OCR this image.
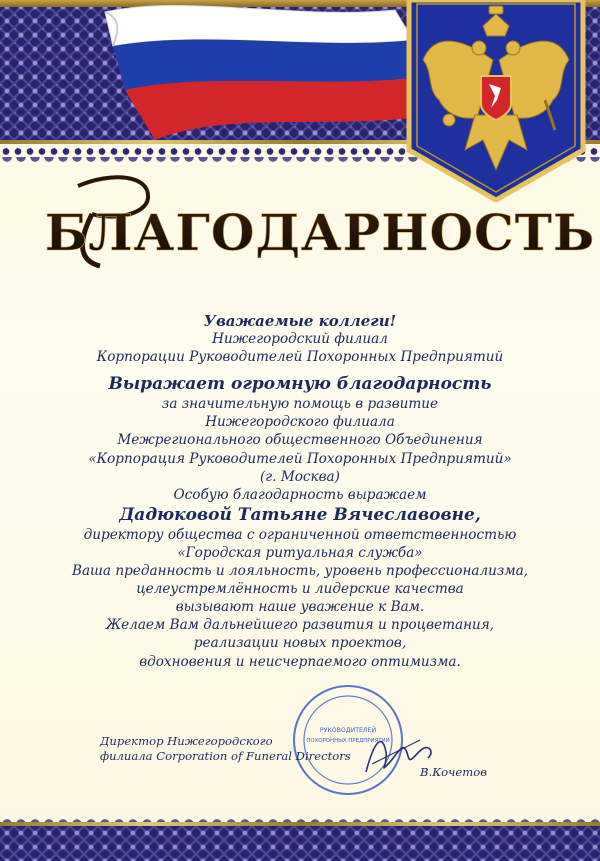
БЛАГОДАРНОСТЬ

Уважаемые коллеги!

Нижегородский филиал

Корпорации Руководителей Похоронных Предприятий

Выражает огромную благодарность

за значительную помощь в развитие

Нижегородского филиала

Межрегионального общественного Объединения

«Корпорация Руководителей Похоронных Предприятий»

(г. Москва)

Особую благодарность выражаем

Дадюковой Татьяне Вячеславовне,

директору общества с ограниченной ответственностью

«Городская ритуальная служба»

Ваша преданность и лояльность, уровень профессионализма,

целеустремлённость и лидерские качества

вызывают наше уважение к Вам.

Желаем Вам дальнейшего развития и процветания,

реализации новых проектов,

вдохновения и неисчерпаемого оптимизма.

РУКОВОДИТЕЛЕЙ
ПОХОРОННЫХ ПРЕДПРИЯТИЙ
Директор Нижегородского
филиала Corporation of Funeral Directors
В.Кочетов
